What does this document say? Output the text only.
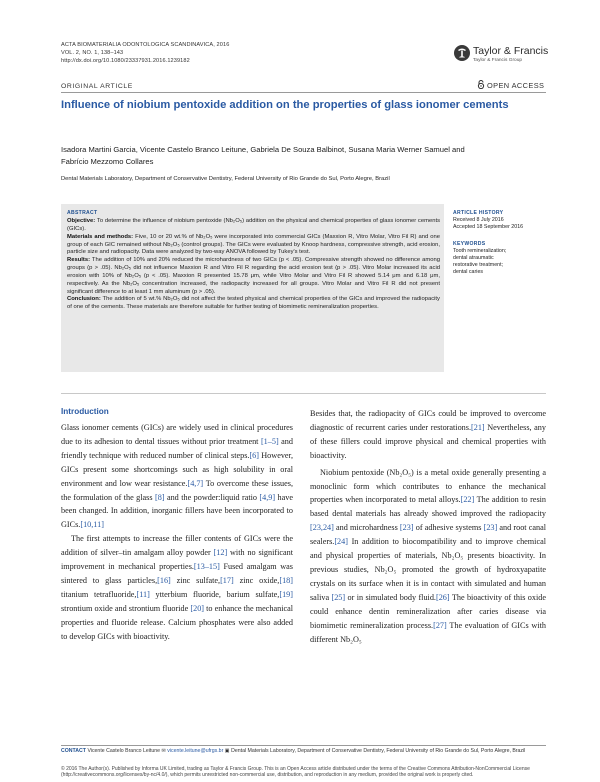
ACTA BIOMATERIALIA ODONTOLOGICA SCANDINAVICA, 2016
VOL. 2, NO. 1, 138–143
http://dx.doi.org/10.1080/23337931.2016.1239182
Taylor & Francis
Taylor & Francis Group
ORIGINAL ARTICLE	OPEN ACCESS
Influence of niobium pentoxide addition on the properties of glass ionomer cements
Isadora Martini Garcia, Vicente Castelo Branco Leitune, Gabriela De Souza Balbinot, Susana Maria Werner Samuel and Fabrício Mezzomo Collares
Dental Materials Laboratory, Department of Conservative Dentistry, Federal University of Rio Grande do Sul, Porto Alegre, Brazil
ABSTRACT
Objective: To determine the influence of niobium pentoxide (Nb₂O₅) addition on the physical and chemical properties of glass ionomer cements (GICs).
Materials and methods: Five, 10 or 20 wt.% of Nb₂O₅ were incorporated into commercial GICs (Maxxion R, Vitro Molar, Vitro Fil R) and one group of each GIC remained without Nb₂O₅ (control groups). The GICs were evaluated by Knoop hardness, compressive strength, acid erosion, particle size and radiopacity. Data were analyzed by two-way ANOVA followed by Tukey's test.
Results: The addition of 10% and 20% reduced the microhardness of two GICs (p < .05). Compressive strength showed no difference among groups (p > .05). Nb₂O₅ did not influence Maxxion R and Vitro Fil R regarding the acid erosion test (p > .05). Vitro Molar increased its acid erosion with 10% of Nb₂O₅ (p < .05). Maxxion R presented 15.78 μm, while Vitro Molar and Vitro Fil R showed 5.14 μm and 6.18 μm, respectively. As the Nb₂O₅ concentration increased, the radiopacity increased for all groups. Vitro Molar and Vitro Fil R did not present significant difference to at least 1 mm aluminum (p > .05).
Conclusion: The addition of 5 wt.% Nb₂O₅ did not affect the tested physical and chemical properties of the GICs and improved the radiopacity of one of the cements. These materials are therefore suitable for further testing of biomimetic remineralization properties.
ARTICLE HISTORY
Received 8 July 2016
Accepted 18 September 2016
KEYWORDS
Tooth remineralization;
dental atraumatic
restorative treatment;
dental caries
Introduction

Glass ionomer cements (GICs) are widely used in clinical procedures due to its adhesion to dental tissues without prior treatment [1–5] and friendly technique with reduced number of clinical steps.[6] However, GICs present some shortcomings such as high solubility in oral environment and low wear resistance.[4,7] To overcome these issues, the formulation of the glass [8] and the powder:liquid ratio [4,9] have been changed. In addition, inorganic fillers have been incorporated to GICs.[10,11]

The first attempts to increase the filler contents of GICs were the addition of silver–tin amalgam alloy powder [12] with no significant improvement in mechanical properties.[13–15] Fused amalgam was sintered to glass particles,[16] zinc sulfate,[17] zinc oxide,[18] titanium tetrafluoride,[11] ytterbium fluoride, barium sulfate,[19] strontium oxide and strontium fluoride [20] to enhance the mechanical properties and fluoride release. Calcium phosphates were also added to develop GICs with bioactivity.

Besides that, the radiopacity of GICs could be improved to overcome diagnostic of recurrent caries under restorations.[21] Nevertheless, any of these fillers could improve physical and chemical properties with bioactivity.

Niobium pentoxide (Nb₂O₅) is a metal oxide generally presenting a monoclinic form which contributes to enhance the mechanical properties when incorporated to metal alloys.[22] The addition to resin based dental materials has already showed improved the radiopacity [23,24] and microhardness [23] of adhesive systems [23] and root canal sealers.[24] In addition to biocompatibility and to improve chemical and physical properties of materials, Nb₂O₅ presents bioactivity. In previous studies, Nb₂O₅ promoted the growth of hydroxyapatite crystals on its surface when it is in contact with simulated and human saliva [25] or in simulated body fluid.[26] The bioactivity of this oxide could enhance dentin remineralization after caries disease via biomimetic remineralization process.[27] The evaluation of GICs with different Nb₂O₅

CONTACT Vicente Castelo Branco Leitune ✉ vicente.leitune@ufrgs.br ▣ Dental Materials Laboratory, Department of Conservative Dentistry, Federal University of Rio Grande do Sul, Porto Alegre, Brazil
© 2016 The Author(s). Published by Informa UK Limited, trading as Taylor & Francis Group. This is an Open Access article distributed under the terms of the Creative Commons Attribution-NonCommercial License (http://creativecommons.org/licenses/by-nc/4.0/), which permits unrestricted non-commercial use, distribution, and reproduction in any medium, provided the original work is properly cited.
